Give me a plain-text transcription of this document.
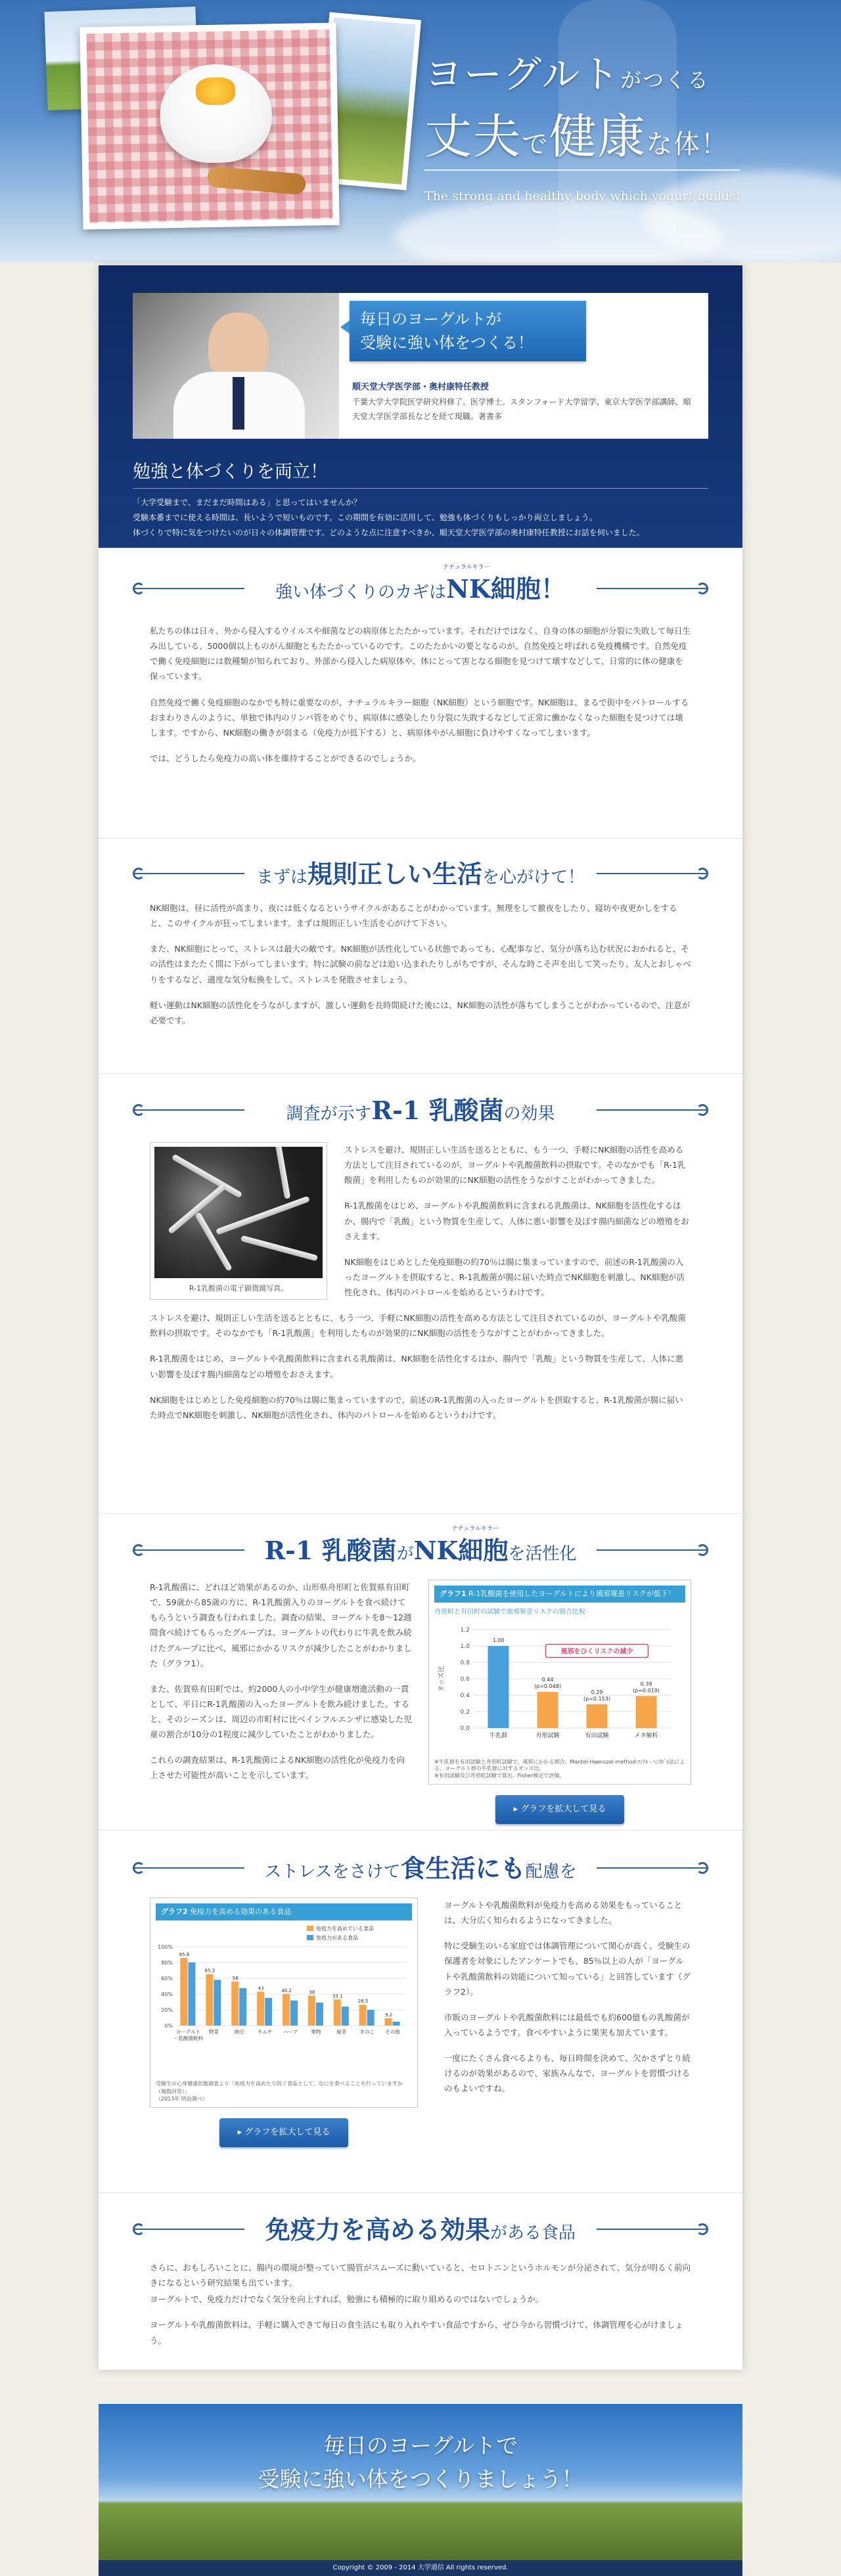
ヨーグルトがつくる
丈夫で健康な体！
The strong and healthy body which yogurt builds!
毎日のヨーグルトが
受験に強い体をつくる！
順天堂大学医学部・奥村康特任教授
千葉大学大学院医学研究科修了。医学博士。スタンフォード大学留学、東京大学医学部講師、順天堂大学医学部長などを経て現職。著書多
勉強と体づくりを両立！
「大学受験まで、まだまだ時間はある」と思ってはいませんか？
受験本番までに使える時間は、長いようで短いものです。この期間を有効に活用して、勉強も体づくりもしっかり両立しましょう。
体づくりで特に気をつけたいのが日々の体調管理です。どのような点に注意すべきか、順天堂大学医学部の奥村康特任教授にお話を伺いました。
強い体づくりのカギはNK細胞！
ナチュラルキラー

私たちの体は日々、外から侵入するウイルスや細菌などの病原体とたたかっています。それだけではなく、自身の体の細胞が分裂に失敗して毎日生み出している、5000個以上ものがん細胞ともたたかっているのです。このたたかいの要となるのが、自然免疫と呼ばれる免疫機構です。自然免疫で働く免疫細胞には数種類が知られており、外部から侵入した病原体や、体にとって害となる細胞を見つけて壊すなどして、日常的に体の健康を保っています。

自然免疫で働く免疫細胞のなかでも特に重要なのが、ナチュラルキラー細胞（NK細胞）という細胞です。NK細胞は、まるで街中をパトロールするおまわりさんのように、単独で体内のリンパ管をめぐり、病原体に感染したり分裂に失敗するなどして正常に働かなくなった細胞を見つけては壊します。ですから、NK細胞の働きが弱まる（免疫力が低下する）と、病原体やがん細胞に負けやすくなってしまいます。

では、どうしたら免疫力の高い体を維持することができるのでしょうか。

まずは規則正しい生活を心がけて！

NK細胞は、昼に活性が高まり、夜には低くなるというサイクルがあることがわかっています。無理をして徹夜をしたり、寝坊や夜更かしをすると、このサイクルが狂ってしまいます。まずは規則正しい生活を心がけて下さい。

また、NK細胞にとって、ストレスは最大の敵です。NK細胞が活性化している状態であっても、心配事など、気分が落ち込む状況におかれると、その活性はまたたく間に下がってしまいます。特に試験の前などは追い込まれたりしがちですが、そんな時こそ声を出して笑ったり、友人とおしゃべりをするなど、適度な気分転換をして、ストレスを発散させましょう。

軽い運動はNK細胞の活性化をうながしますが、激しい運動を長時間続けた後には、NK細胞の活性が落ちてしまうことがわかっているので、注意が必要です。

調査が示すR-1 乳酸菌の効果
R-1乳酸菌の電子顕微鏡写真。

ストレスを避け、規則正しい生活を送るとともに、もう一つ、手軽にNK細胞の活性を高める方法として注目されているのが、ヨーグルトや乳酸菌飲料の摂取です。そのなかでも「R-1乳酸菌」を利用したものが効果的にNK細胞の活性をうながすことがわかってきました。

R-1乳酸菌をはじめ、ヨーグルトや乳酸菌飲料に含まれる乳酸菌は、NK細胞を活性化するほか、腸内で「乳酸」という物質を生産して、人体に悪い影響を及ぼす腸内細菌などの増殖をおさえます。

NK細胞をはじめとした免疫細胞の約70％は腸に集まっていますので、前述のR-1乳酸菌の入ったヨーグルトを摂取すると、R-1乳酸菌が腸に届いた時点でNK細胞を刺激し、NK細胞が活性化され、体内のパトロールを始めるというわけです。

ストレスを避け、規則正しい生活を送るとともに、もう一つ、手軽にNK細胞の活性を高める方法として注目されているのが、ヨーグルトや乳酸菌飲料の摂取です。そのなかでも「R-1乳酸菌」を利用したものが効果的にNK細胞の活性をうながすことがわかってきました。

R-1乳酸菌をはじめ、ヨーグルトや乳酸菌飲料に含まれる乳酸菌は、NK細胞を活性化するほか、腸内で「乳酸」という物質を生産して、人体に悪い影響を及ぼす腸内細菌などの増殖をおさえます。

NK細胞をはじめとした免疫細胞の約70％は腸に集まっていますので、前述のR-1乳酸菌の入ったヨーグルトを摂取すると、R-1乳酸菌が腸に届いた時点でNK細胞を刺激し、NK細胞が活性化され、体内のパトロールを始めるというわけです。

R-1 乳酸菌がNK細胞を活性化
ナチュラルキラー

R-1乳酸菌に、どれほど効果があるのか、山形県舟形町と佐賀県有田町で、59歳から85歳の方に、R-1乳酸菌入りのヨーグルトを食べ続けてもらうという調査も行われました。調査の結果、ヨーグルトを8〜12週間食べ続けてもらったグループは、ヨーグルトの代わりに牛乳を飲み続けたグループに比べ、風邪にかかるリスクが減少したことがわかりました（グラフ1）。

また、佐賀県有田町では、約2000人の小中学生が健康増進活動の一貫として、平日にR-1乳酸菌の入ったヨーグルトを飲み続けました。すると、そのシーズンは、周辺の市町村に比べインフルエンザに感染した児童の割合が10分の1程度に減少していたことがわかりました。

これらの調査結果は、R-1乳酸菌によるNK細胞の活性化が免疫力を向上させた可能性が高いことを示しています。

グラフ1 R-1乳酸菌を使用したヨーグルトにより風邪罹患リスクが低下！
舟形町と有田町の試験で風邪罹患リスクの割合比較
0.0
0.2
0.4
0.6
0.8
1.0
1.2
オッズ比
1.00
牛乳群
0.44
(p=0.048)
舟形試験
0.29
(p=0.153)
有田試験
0.39
(p=0.019)
メタ解析
風邪をひくリスクの減少
※牛乳群を有田試験と舟形町試験で、風邪にかかる割合。Mantel-Haenszel method:ﾏﾝﾃﾙ・ﾍﾝｽｾﾞﾙ法による、ヨーグルト群の牛乳群に対するオッズ比。
※有田試験及び舟形町試験で算出。Fisher検定で評価。
▸ グラフを拡大して見る
ストレスをさけて食生活にも配慮を
グラフ2 免疫力を高める効果のある食品
0%
20%
40%
60%
80%
100%
免疫力を高めている食品
免疫力がある食品
85.8
ヨーグルト
・乳酸菌飲料
65.3
野菜
56
納豆
43
キムチ
40.2
ハーブ
38
果物
33.1
緑茶
26.5
きのこ
9.2
その他
受験生の心身健康状態調査より「免疫力を高めたり防ぐ食品として、なにを食べることを行っていますか（複数回答）」
（2013年 明治調べ）
▸ グラフを拡大して見る

ヨーグルトや乳酸菌飲料が免疫力を高める効果をもっていることは、大分広く知られるようになってきました。

特に受験生のいる家庭では体調管理について関心が高く、受験生の保護者を対象にしたアンケートでも、85％以上の人が「ヨーグルトや乳酸菌飲料の効能について知っている」と回答しています（グラフ2）。

市販のヨーグルトや乳酸菌飲料には最低でも約600億もの乳酸菌が入っているようです。食べやすいように果実も加えています。

一度にたくさん食べるよりも、毎日時間を決めて、欠かさずとり続けるのが効果があるので、家族みんなで、ヨーグルトを習慣づけるのもよいですね。

免疫力を高める効果がある食品

さらに、おもしろいことに、腸内の環境が整っていて腸管がスムーズに動いていると、セロトニンというホルモンが分泌されて、気分が明るく前向きになるという研究結果も出ています。

ヨーグルトで、免疫力だけでなく気分を向上すれば、勉強にも積極的に取り組めるのではないでしょうか。

ヨーグルトや乳酸菌飲料は、手軽に購入できて毎日の食生活にも取り入れやすい食品ですから、ぜひ今から習慣づけて、体調管理を心がけましょう。

毎日のヨーグルトで
受験に強い体をつくりましょう！
Copyright © 2009 - 2014 大学通信 All rights reserved.
